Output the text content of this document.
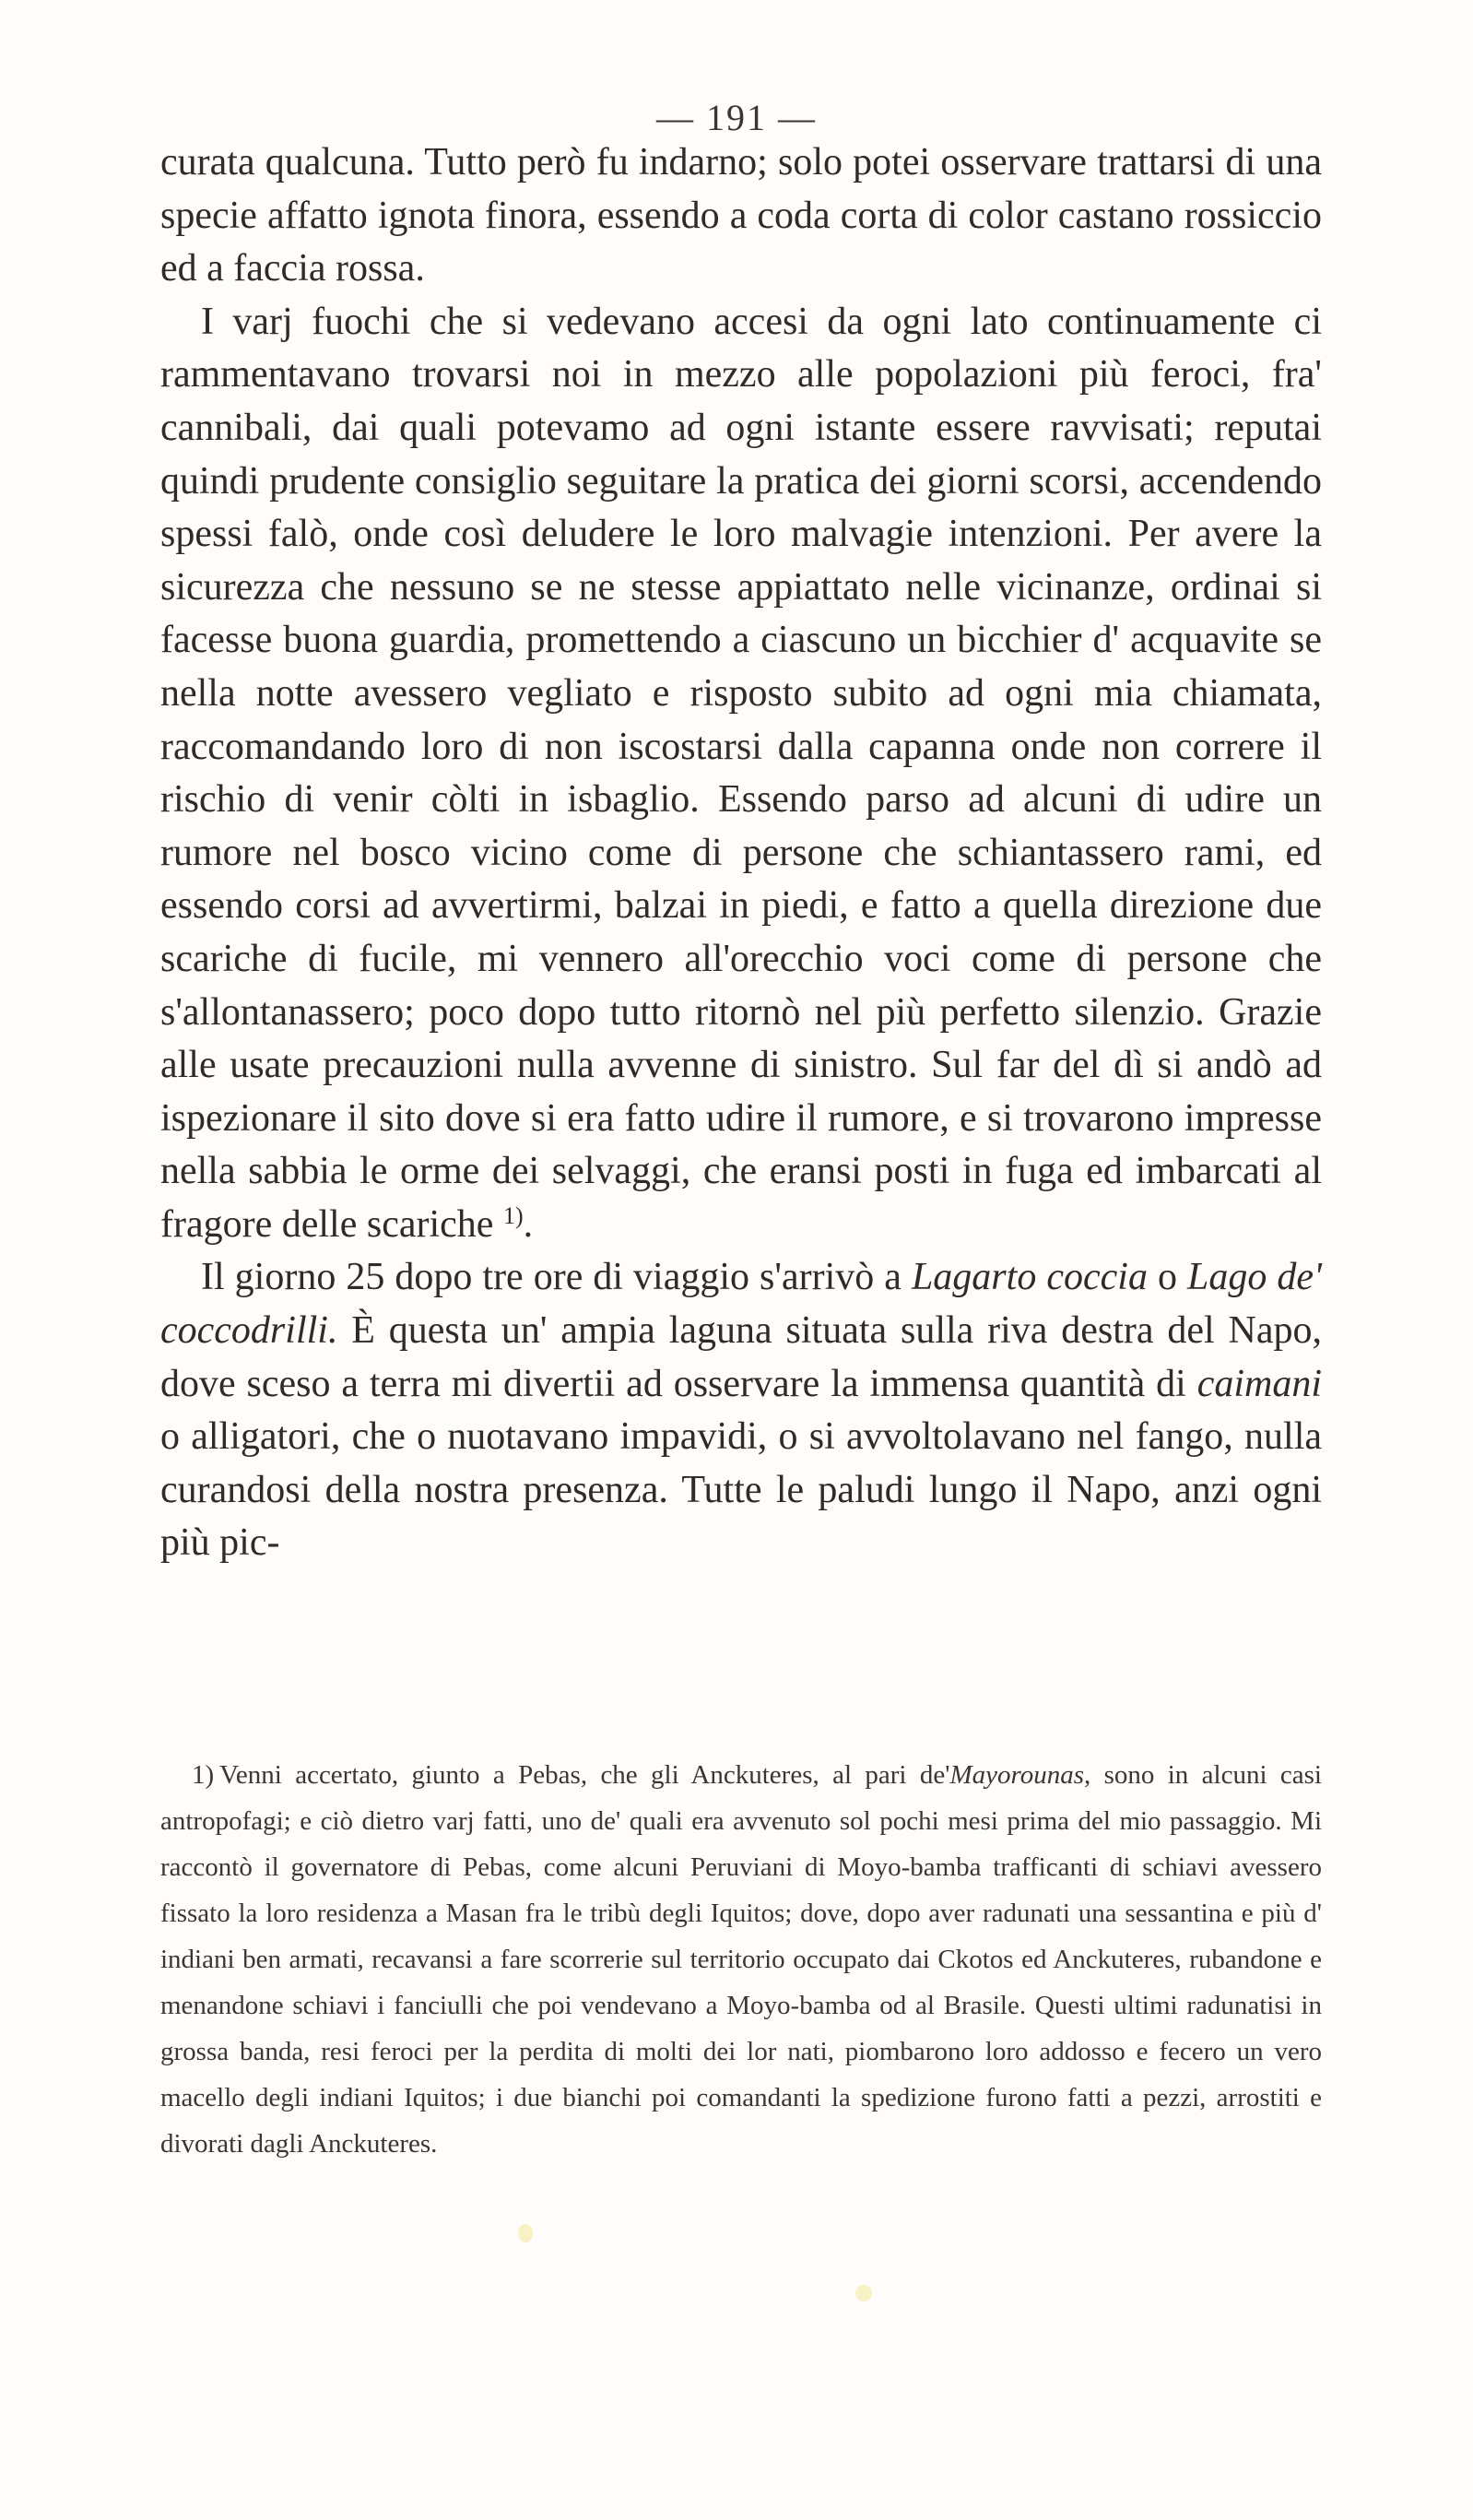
— 191 —

curata qualcuna. Tutto però fu indarno; solo potei osservare trattarsi di una specie affatto ignota finora, essendo a coda corta di color castano rossiccio ed a faccia rossa.

I varj fuochi che si vedevano accesi da ogni lato continuamente ci rammentavano trovarsi noi in mezzo alle popolazioni più feroci, fra' cannibali, dai quali potevamo ad ogni istante essere ravvisati; reputai quindi prudente consiglio seguitare la pratica dei giorni scorsi, accendendo spessi falò, onde così deludere le loro malvagie intenzioni. Per avere la sicurezza che nessuno se ne stesse appiattato nelle vicinanze, ordinai si facesse buona guardia, promettendo a ciascuno un bicchier d' acquavite se nella notte avessero vegliato e risposto subito ad ogni mia chiamata, raccomandando loro di non iscostarsi dalla capanna onde non correre il rischio di venir còlti in isbaglio. Essendo parso ad alcuni di udire un rumore nel bosco vicino come di persone che schiantassero rami, ed essendo corsi ad avvertirmi, balzai in piedi, e fatto a quella direzione due scariche di fucile, mi vennero all'orecchio voci come di persone che s'allontanassero; poco dopo tutto ritornò nel più perfetto silenzio. Grazie alle usate precauzioni nulla avvenne di sinistro. Sul far del dì si andò ad ispezionare il sito dove si era fatto udire il rumore, e si trovarono impresse nella sabbia le orme dei selvaggi, che eransi posti in fuga ed imbarcati al fragore delle scariche $^{1)}$.

Il giorno 25 dopo tre ore di viaggio s'arrivò a Lagarto coccia o Lago de' coccodrilli. È questa un' ampia laguna situata sulla riva destra del Napo, dove sceso a terra mi divertii ad osservare la immensa quantità di caimani o alligatori, che o nuotavano impavidi, o si avvoltolavano nel fango, nulla curandosi della nostra presenza. Tutte le paludi lungo il Napo, anzi ogni più pic-

1) Venni accertato, giunto a Pebas, che gli Anckuteres, al pari de'Mayorounas, sono in alcuni casi antropofagi; e ciò dietro varj fatti, uno de' quali era avvenuto sol pochi mesi prima del mio passaggio. Mi raccontò il governatore di Pebas, come alcuni Peruviani di Moyo-bamba trafficanti di schiavi avessero fissato la loro residenza a Masan fra le tribù degli Iquitos; dove, dopo aver radunati una sessantina e più d' indiani ben armati, recavansi a fare scorrerie sul territorio occupato dai Ckotos ed Anckuteres, rubandone e menandone schiavi i fanciulli che poi vendevano a Moyo-bamba od al Brasile. Questi ultimi radunatisi in grossa banda, resi feroci per la perdita di molti dei lor nati, piombarono loro addosso e fecero un vero macello degli indiani Iquitos; i due bianchi poi comandanti la spedizione furono fatti a pezzi, arrostiti e divorati dagli Anckuteres.
